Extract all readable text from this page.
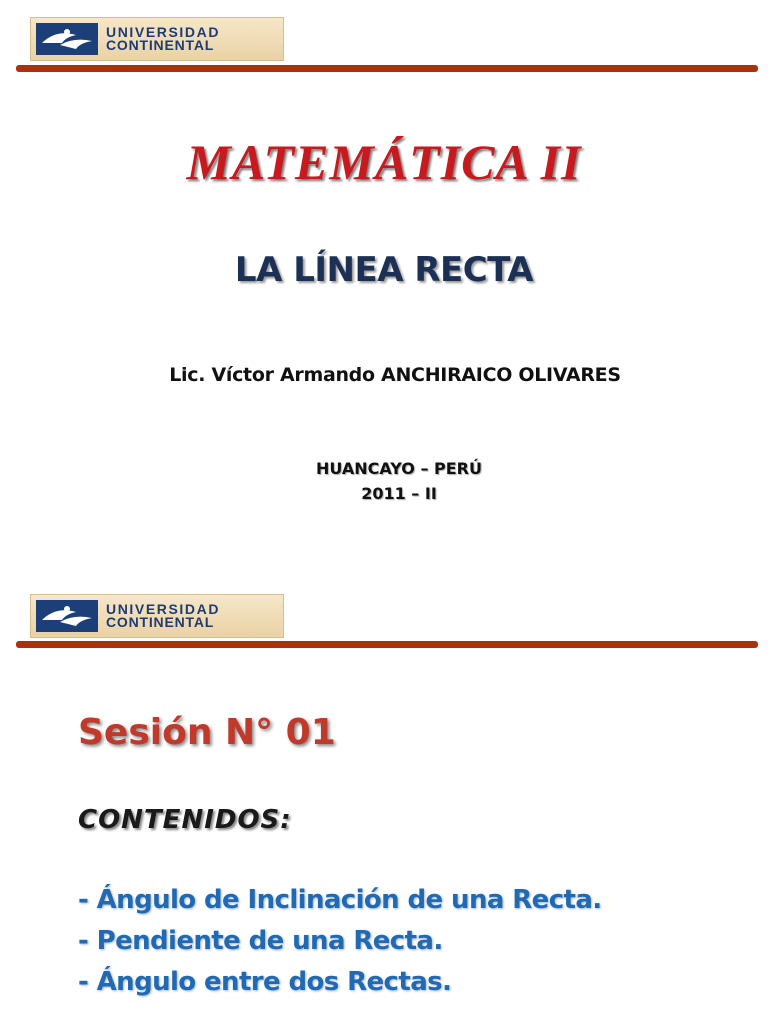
UNIVERSIDAD
CONTINENTAL
MATEMÁTICA II
LA LÍNEA RECTA
Lic. Víctor Armando ANCHIRAICO OLIVARES
HUANCAYO – PERÚ
2011 – II
UNIVERSIDAD
CONTINENTAL
Sesión N° 01
CONTENIDOS:
- Ángulo de Inclinación de una Recta.
- Pendiente de una Recta.
- Ángulo entre dos Rectas.
